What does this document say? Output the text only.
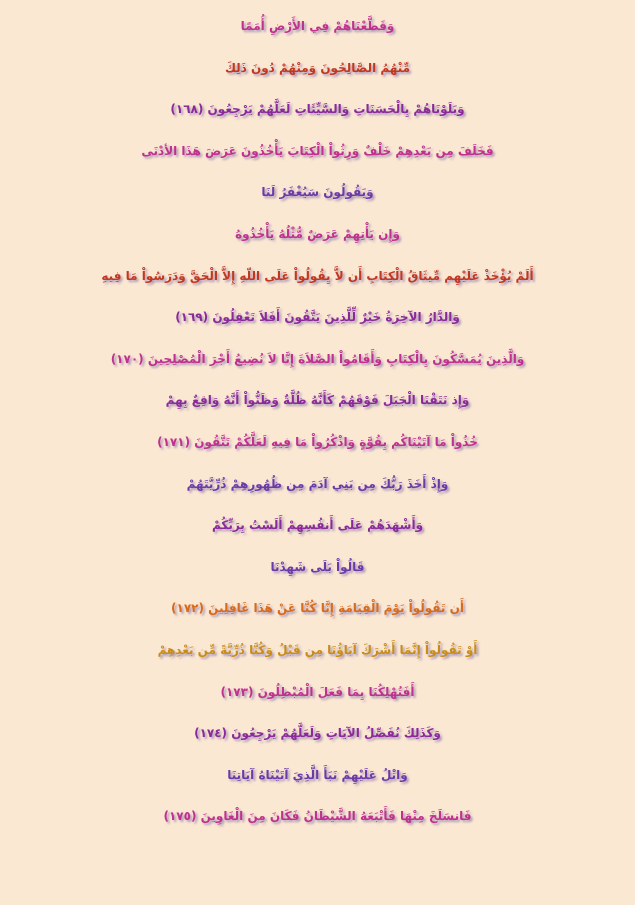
وَقَطَّعْنَاهُمْ فِي الأَرْضِ أُمَمًا
مِّنْهُمُ الصَّالِحُونَ وَمِنْهُمْ دُونَ ذَلِكَ
وَبَلَوْنَاهُمْ بِالْحَسَنَاتِ وَالسَّيِّئَاتِ لَعَلَّهُمْ يَرْجِعُونَ (١٦٨)
فَخَلَفَ مِن بَعْدِهِمْ خَلْفٌ وَرِثُواْ الْكِتَابَ يَأْخُذُونَ عَرَضَ هَذَا الأدْنَى
وَيَقُولُونَ سَيُغْفَرُ لَنَا
وَإِن يَأْتِهِمْ عَرَضٌ مُّثْلُهُ يَأْخُذُوهُ
أَلَمْ يُؤْخَذْ عَلَيْهِم مِّيثَاقُ الْكِتَابِ أَن لاَّ يِقُولُواْ عَلَى اللّهِ إِلاَّ الْحَقَّ وَدَرَسُواْ مَا فِيهِ
وَالدَّارُ الآخِرَةُ خَيْرٌ لِّلَّذِينَ يَتَّقُونَ أَفَلاَ تَعْقِلُونَ (١٦٩)
وَالَّذِينَ يُمَسَّكُونَ بِالْكِتَابِ وَأَقَامُواْ الصَّلاَةَ إِنَّا لاَ نُضِيعُ أَجْرَ الْمُصْلِحِينَ (١٧٠)
وَإِذ نَتَقْنَا الْجَبَلَ فَوْقَهُمْ كَأَنَّهُ ظُلَّةٌ وَظَنُّواْ أَنَّهُ وَاقِعٌ بِهِمْ
خُذُواْ مَا آتَيْنَاكُم بِقُوَّةٍ وَاذْكُرُواْ مَا فِيهِ لَعَلَّكُمْ تَتَّقُونَ (١٧١)
وَإِذْ أَخَذَ رَبُّكَ مِن بَنِي آدَمَ مِن ظُهُورِهِمْ ذُرِّيَّتَهُمْ
وَأَشْهَدَهُمْ عَلَى أَنفُسِهِمْ أَلَسْتُ بِرَبِّكُمْ
قَالُواْ بَلَى شَهِدْنَا
أَن تَقُولُواْ يَوْمَ الْقِيَامَةِ إِنَّا كُنَّا عَنْ هَذَا غَافِلِينَ (١٧٢)
أَوْ تَقُولُواْ إِنَّمَا أَشْرَكَ آبَاؤُنَا مِن قَبْلُ وَكُنَّا ذُرِّيَّةً مِّن بَعْدِهِمْ
أَفَتُهْلِكُنَا بِمَا فَعَلَ الْمُبْطِلُونَ (١٧٣)
وَكَذَلِكَ نُفَصِّلُ الآيَاتِ وَلَعَلَّهُمْ يَرْجِعُونَ (١٧٤)
وَاتْلُ عَلَيْهِمْ نَبَأَ الَّذِيَ آتَيْنَاهُ آيَاتِنَا
فَانسَلَخَ مِنْهَا فَأَتْبَعَهُ الشَّيْطَانُ فَكَانَ مِنَ الْغَاوِينَ (١٧٥)
